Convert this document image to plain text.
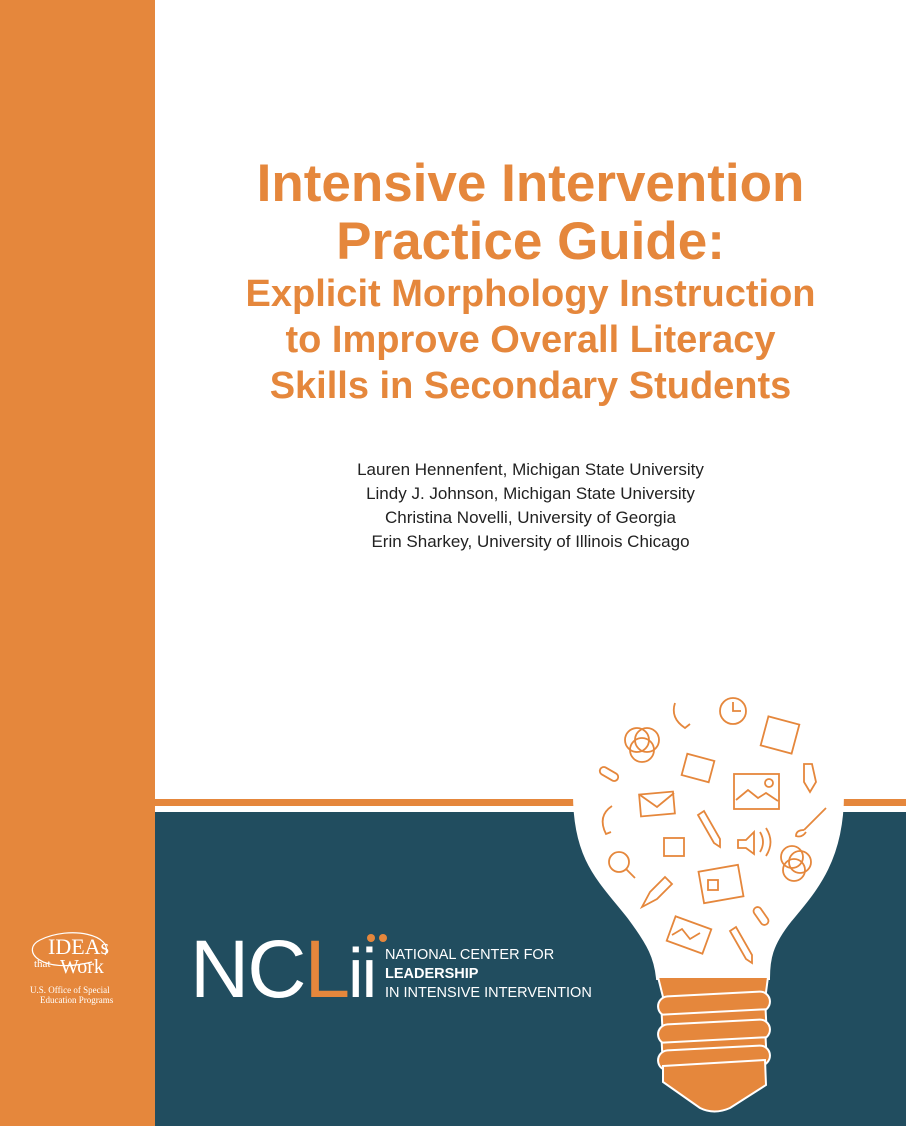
Intensive Intervention
Practice Guide:
Explicit Morphology Instruction
to Improve Overall Literacy
Skills in Secondary Students
Lauren Hennenfent, Michigan State University
Lindy J. Johnson, Michigan State University
Christina Novelli, University of Georgia
Erin Sharkey, University of Illinois Chicago
IDEAs
that Work
U.S. Office of Special
Education Programs NCLii NATIONAL CENTER FOR
LEADERSHIP
IN INTENSIVE INTERVENTION
